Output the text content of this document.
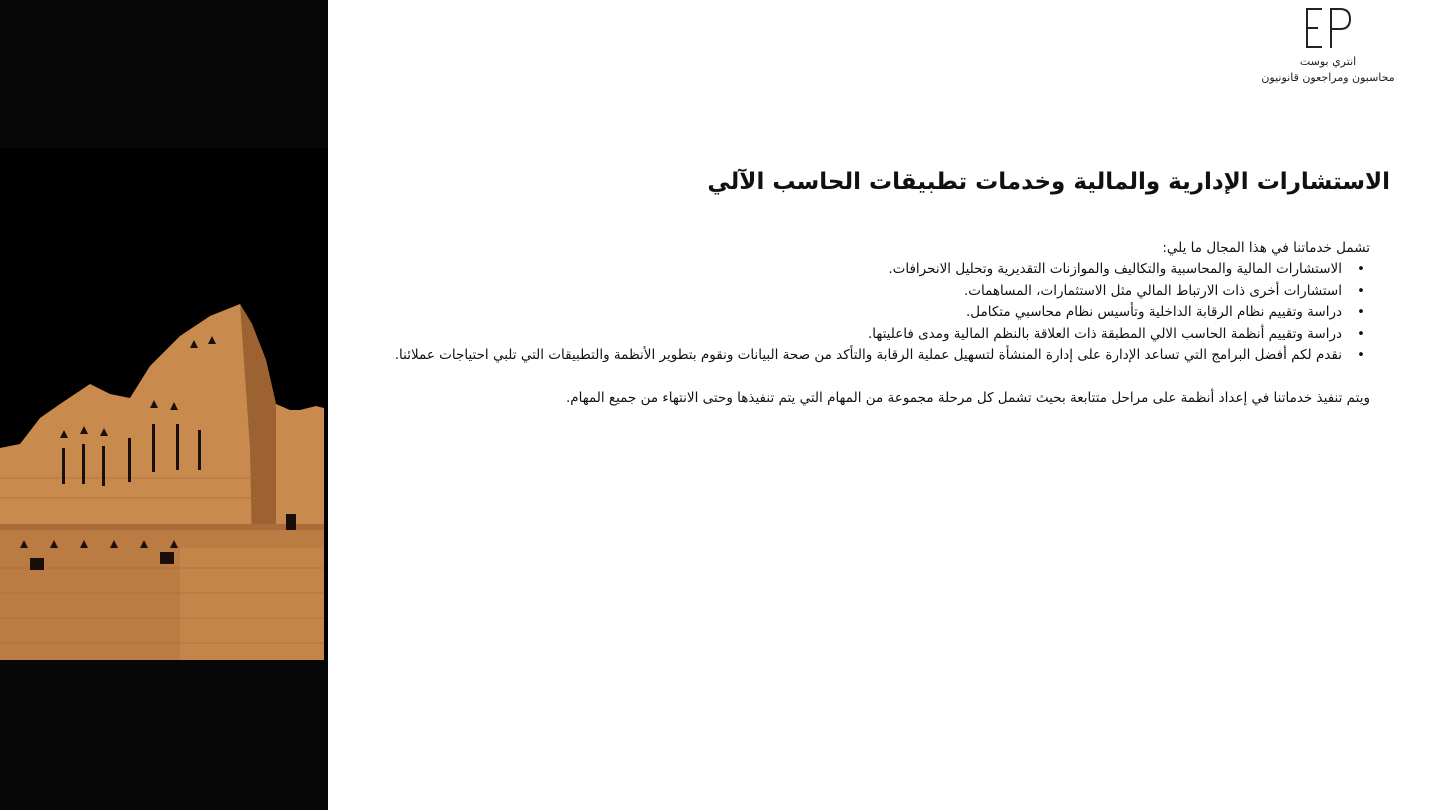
انتري بوست
محاسبون ومراجعون قانونيون
الاستشارات الإدارية والمالية وخدمات تطبيقات الحاسب الآلي

تشمل خدماتنا في هذا المجال ما يلي:

•
الاستشارات المالية والمحاسبية والتكاليف والموازنات التقديرية وتحليل الانحرافات.
•
استشارات أخرى ذات الارتباط المالي مثل الاستثمارات، المساهمات.
•
دراسة وتقييم نظام الرقابة الداخلية وتأسيس نظام محاسبي متكامل.
•
دراسة وتقييم أنظمة الحاسب الالي المطبقة ذات العلاقة بالنظم المالية ومدى فاعليتها.
•
نقدم لكم أفضل البرامج التي تساعد الإدارة على إدارة المنشأة لتسهيل عملية الرقابة والتأكد من صحة البيانات ونقوم بتطوير الأنظمة والتطبيقات التي تلبي احتياجات عملائنا.

ويتم تنفيذ خدماتنا في إعداد أنظمة على مراحل متتابعة بحيث تشمل كل مرحلة مجموعة من المهام التي يتم تنفيذها وحتى الانتهاء من جميع المهام.
